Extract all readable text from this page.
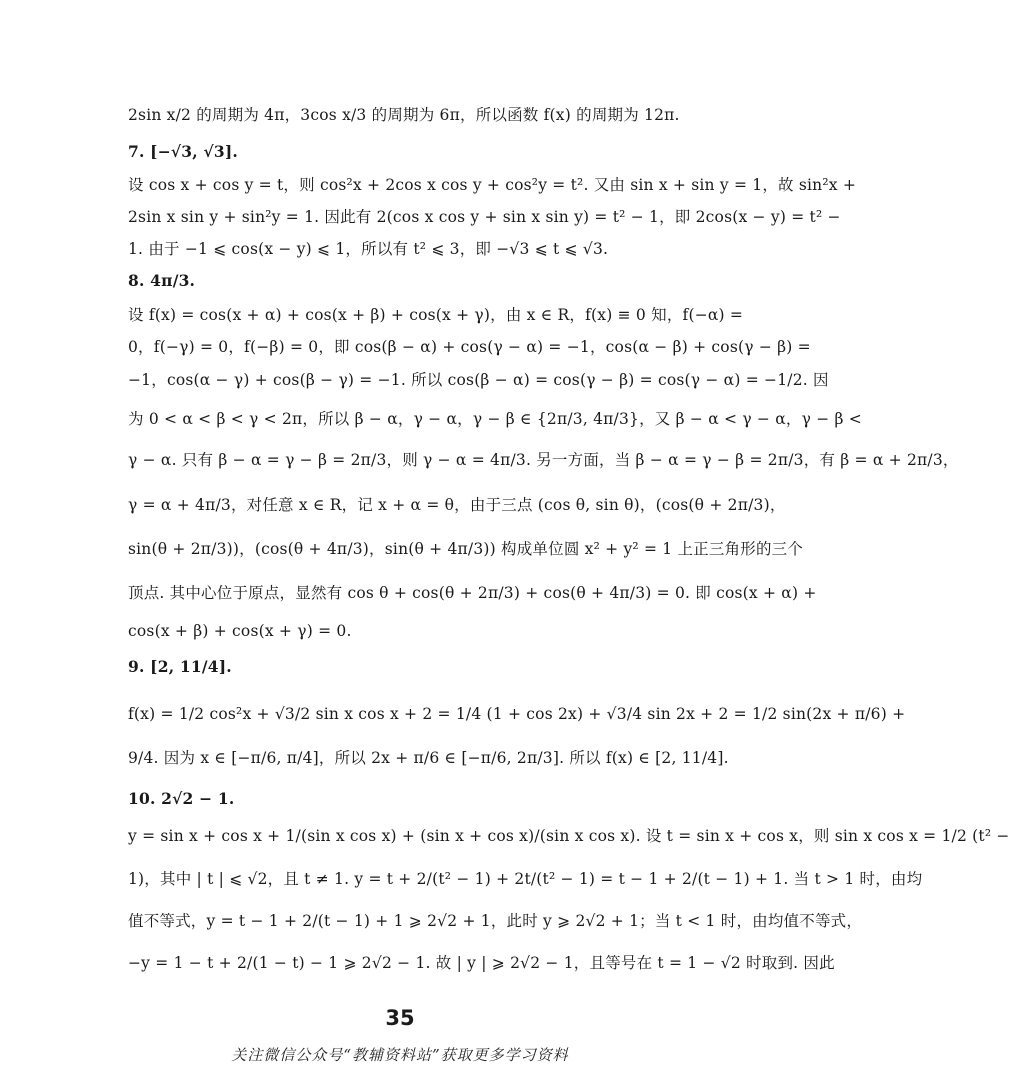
2sin x/2 的周期为 4π，3cos x/3 的周期为 6π，所以函数 f(x) 的周期为 12π.
7. [−√3, √3].
设 cos x + cos y = t，则 cos²x + 2cos x cos y + cos²y = t². 又由 sin x + sin y = 1，故 sin²x +
2sin x sin y + sin²y = 1. 因此有 2(cos x cos y + sin x sin y) = t² − 1，即 2cos(x − y) = t² −
1. 由于 −1 ⩽ cos(x − y) ⩽ 1，所以有 t² ⩽ 3，即 −√3 ⩽ t ⩽ √3.
8. 4π/3.
设 f(x) = cos(x + α) + cos(x + β) + cos(x + γ)，由 x ∈ R，f(x) ≡ 0 知，f(−α) =
0，f(−γ) = 0，f(−β) = 0，即 cos(β − α) + cos(γ − α) = −1，cos(α − β) + cos(γ − β) =
−1，cos(α − γ) + cos(β − γ) = −1. 所以 cos(β − α) = cos(γ − β) = cos(γ − α) = −1/2. 因
为 0 < α < β < γ < 2π，所以 β − α，γ − α，γ − β ∈ {2π/3, 4π/3}，又 β − α < γ − α，γ − β <
γ − α. 只有 β − α = γ − β = 2π/3，则 γ − α = 4π/3. 另一方面，当 β − α = γ − β = 2π/3，有 β = α + 2π/3，
γ = α + 4π/3，对任意 x ∈ R，记 x + α = θ，由于三点 (cos θ, sin θ)，(cos(θ + 2π/3)，
sin(θ + 2π/3))，(cos(θ + 4π/3)，sin(θ + 4π/3)) 构成单位圆 x² + y² = 1 上正三角形的三个
顶点. 其中心位于原点，显然有 cos θ + cos(θ + 2π/3) + cos(θ + 4π/3) = 0. 即 cos(x + α) +
cos(x + β) + cos(x + γ) = 0.
9. [2, 11/4].
f(x) = 1/2 cos²x + √3/2 sin x cos x + 2 = 1/4 (1 + cos 2x) + √3/4 sin 2x + 2 = 1/2 sin(2x + π/6) +
9/4. 因为 x ∈ [−π/6, π/4]，所以 2x + π/6 ∈ [−π/6, 2π/3]. 所以 f(x) ∈ [2, 11/4].
10. 2√2 − 1.
y = sin x + cos x + 1/(sin x cos x) + (sin x + cos x)/(sin x cos x). 设 t = sin x + cos x，则 sin x cos x = 1/2 (t² −
1)，其中 | t | ⩽ √2，且 t ≠ 1. y = t + 2/(t² − 1) + 2t/(t² − 1) = t − 1 + 2/(t − 1) + 1. 当 t > 1 时，由均
值不等式，y = t − 1 + 2/(t − 1) + 1 ⩾ 2√2 + 1，此时 y ⩾ 2√2 + 1；当 t < 1 时，由均值不等式，
−y = 1 − t + 2/(1 − t) − 1 ⩾ 2√2 − 1. 故 | y | ⩾ 2√2 − 1，且等号在 t = 1 − √2 时取到. 因此
35
关注微信公众号“教辅资料站”获取更多学习资料
